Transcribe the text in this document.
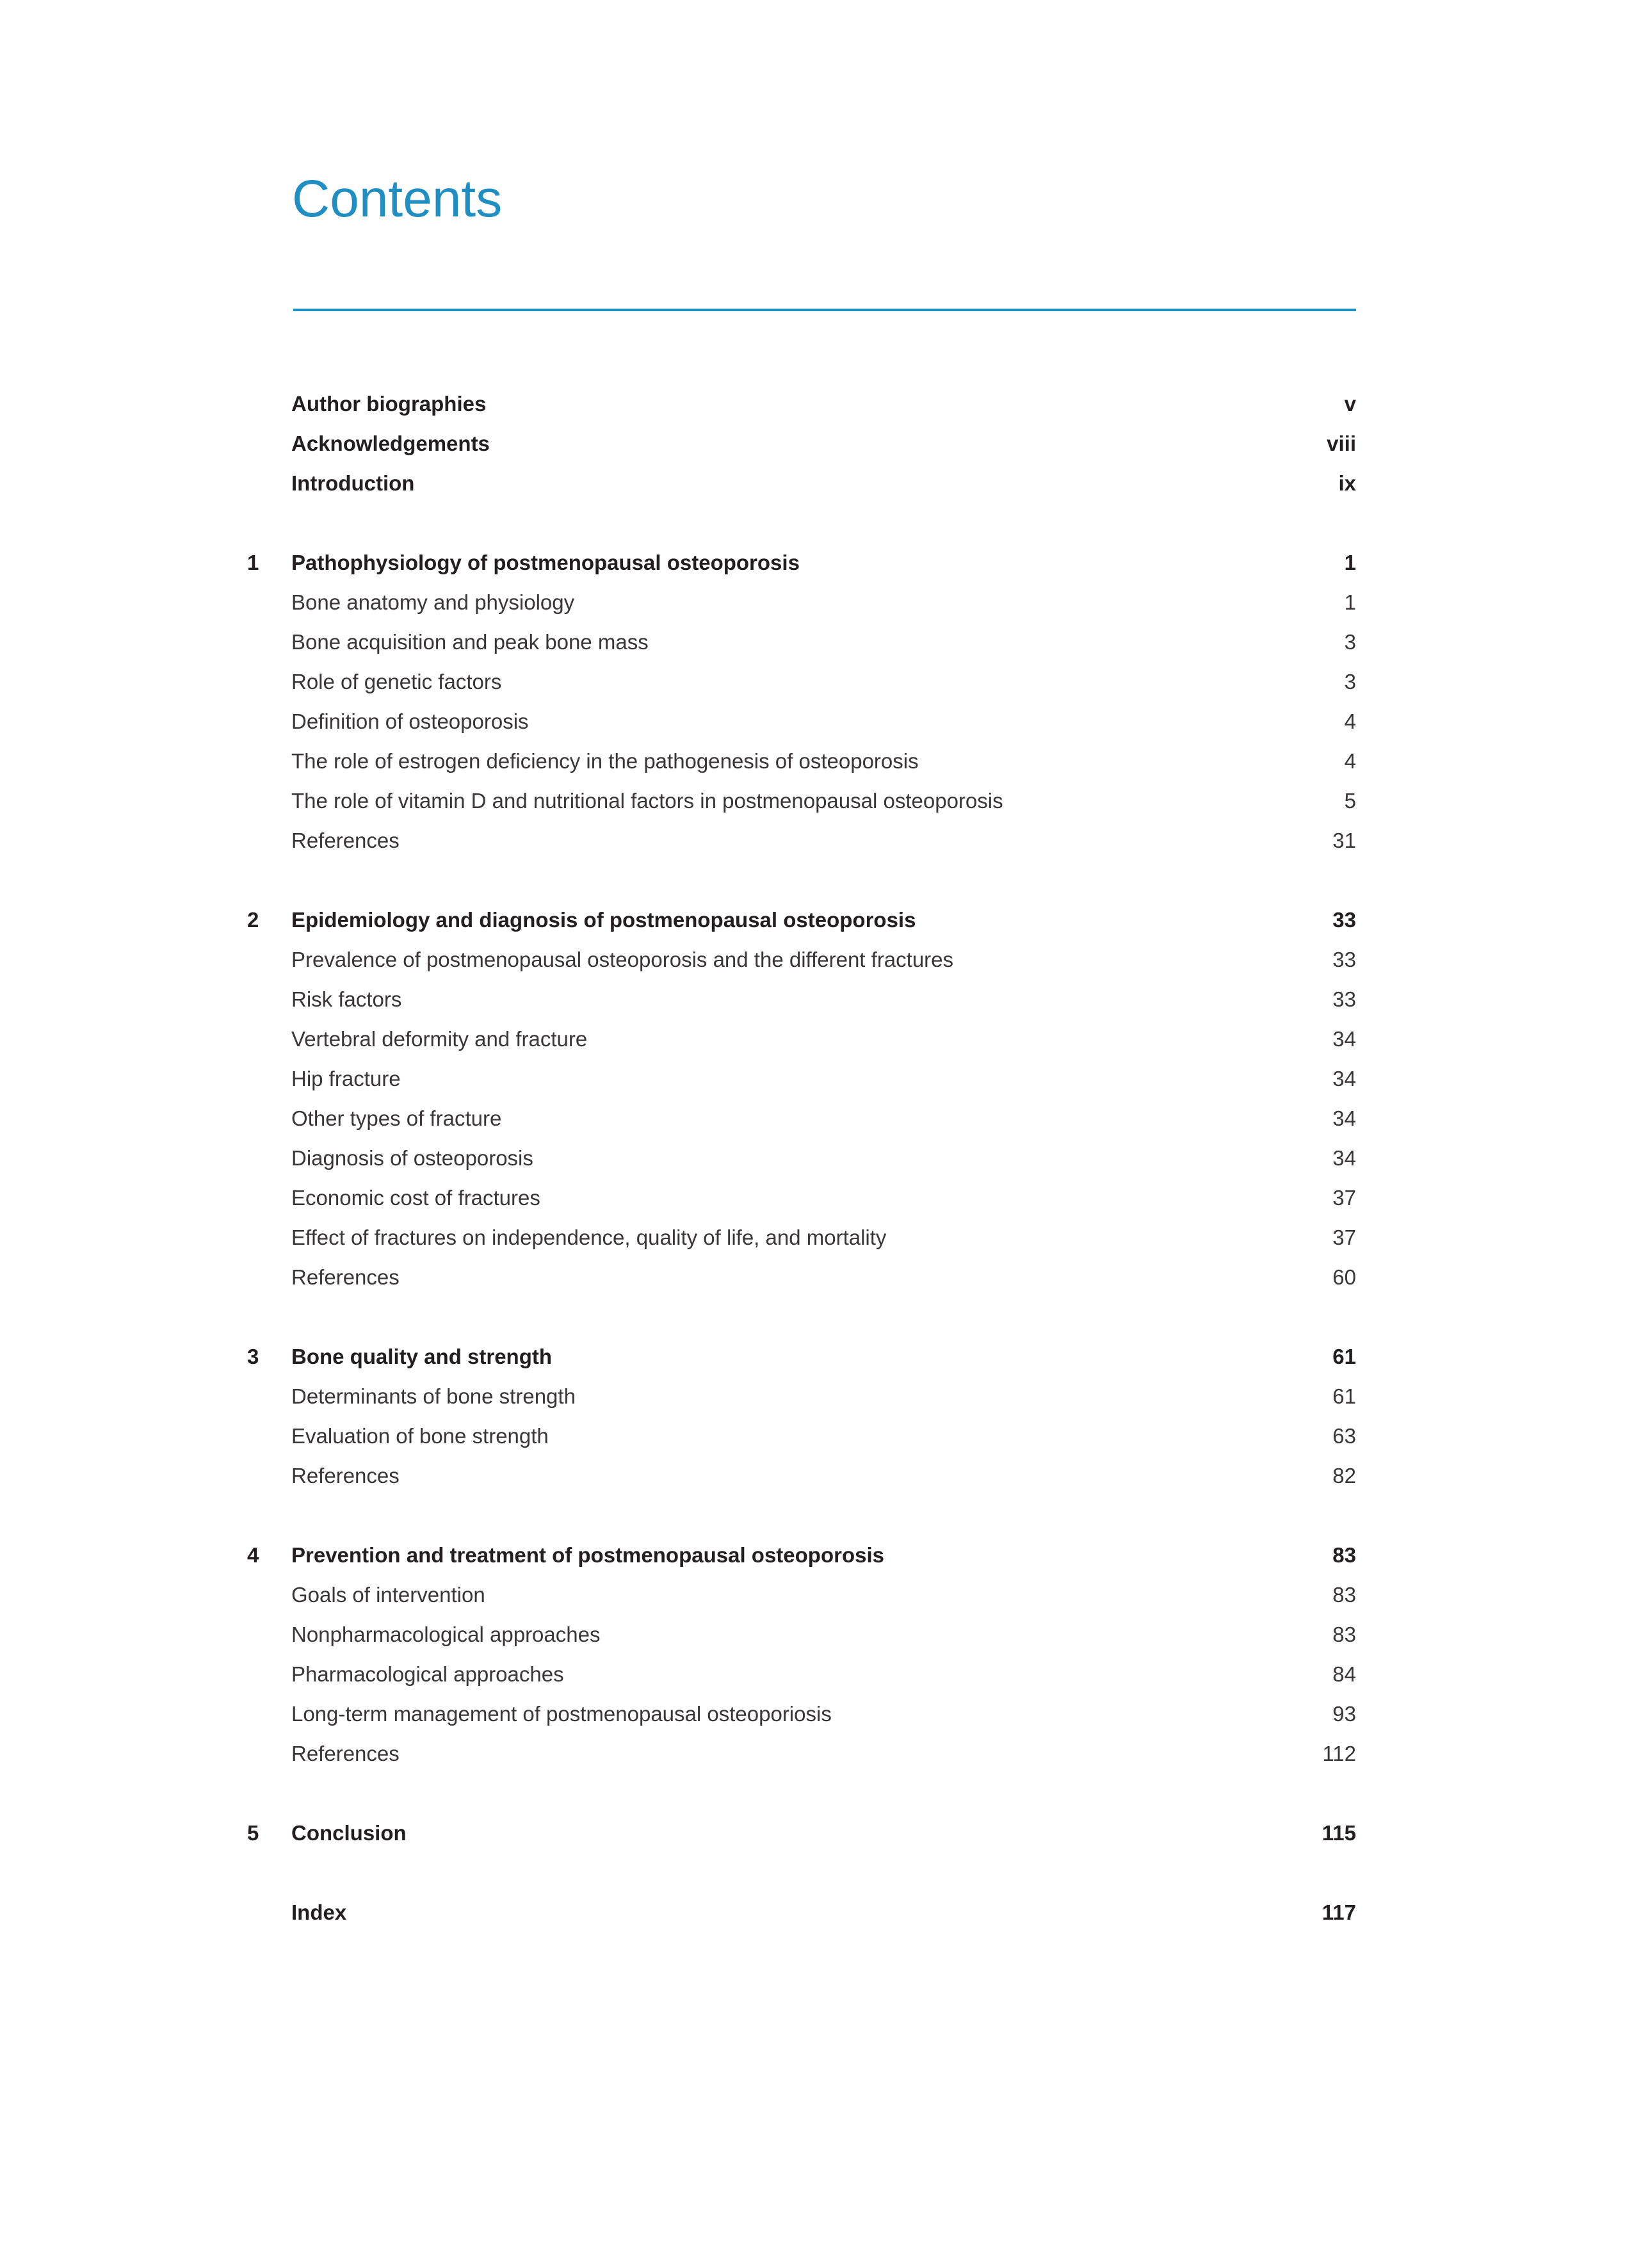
Contents
Author biographies	v
Acknowledgements	viii
Introduction	ix
1	Pathophysiology of postmenopausal osteoporosis	1
Bone anatomy and physiology	1
Bone acquisition and peak bone mass	3
Role of genetic factors	3
Definition of osteoporosis	4
The role of estrogen deficiency in the pathogenesis of osteoporosis	4
The role of vitamin D and nutritional factors in postmenopausal osteoporosis	5
References	31
2	Epidemiology and diagnosis of postmenopausal osteoporosis	33
Prevalence of postmenopausal osteoporosis and the different fractures	33
Risk factors	33
Vertebral deformity and fracture	34
Hip fracture	34
Other types of fracture	34
Diagnosis of osteoporosis	34
Economic cost of fractures	37
Effect of fractures on independence, quality of life, and mortality	37
References	60
3	Bone quality and strength	61
Determinants of bone strength	61
Evaluation of bone strength	63
References	82
4	Prevention and treatment of postmenopausal osteoporosis	83
Goals of intervention	83
Nonpharmacological approaches	83
Pharmacological approaches	84
Long-term management of postmenopausal osteoporiosis	93
References	112
5	Conclusion	115
Index	117
